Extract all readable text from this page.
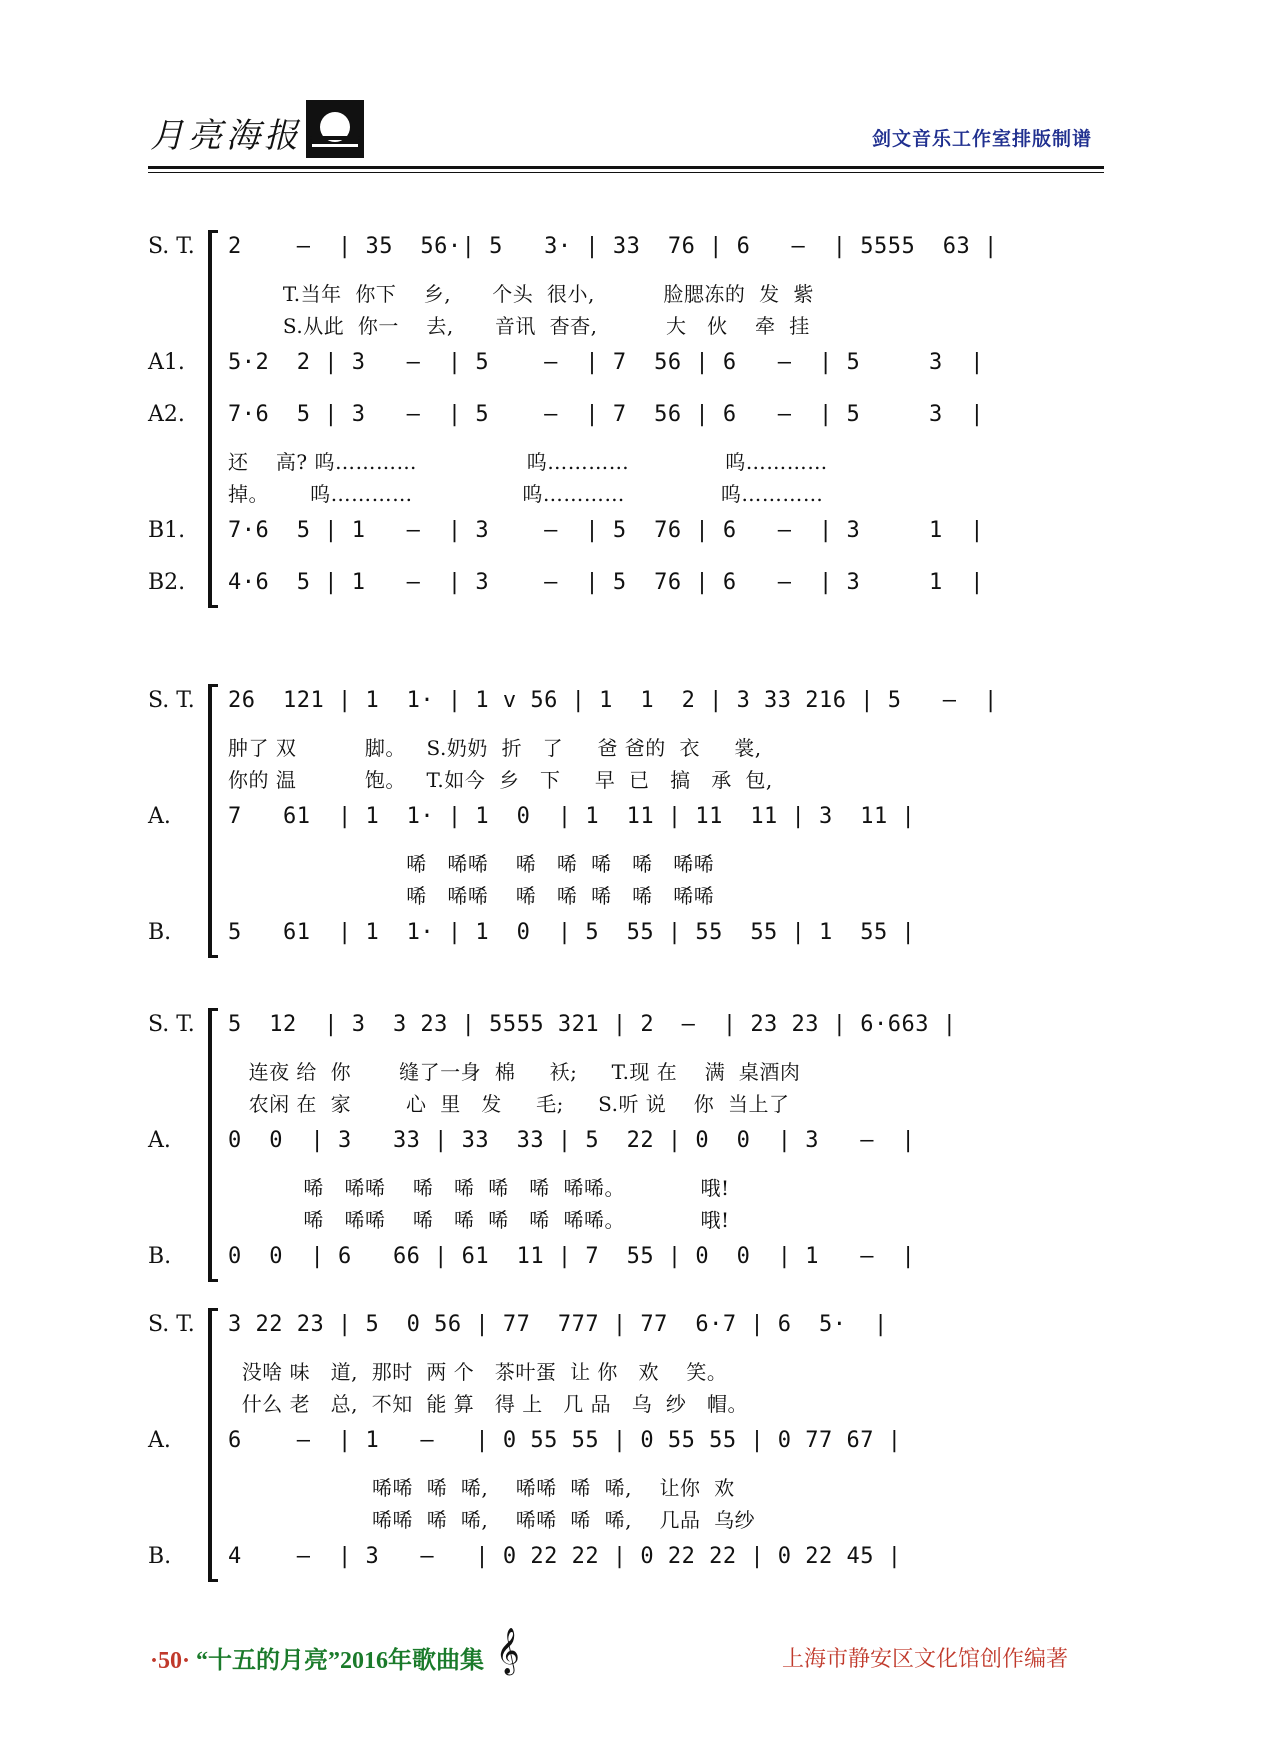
月亮海报	剑文音乐工作室排版制谱
S. T.	2    –  | 35  56·| 5   3· | 33  76 | 6   –  | 5555  63 |
T.当年  你下    乡,      个头  很小,          脸腮冻的  发  紫
S.从此  你一    去,      音讯  杳杳,          大   伙    牵  挂
A1.	5·2  2 | 3   –  | 5    –  | 7  56 | 6   –  | 5     3  |
A2.	7·6  5 | 3   –  | 5    –  | 7  56 | 6   –  | 5     3  |
还    高? 呜…………                呜…………              呜…………
掉。      呜…………                呜…………              呜…………
B1.	7·6  5 | 1   –  | 3    –  | 5  76 | 6   –  | 3     1  |
B2.	4·6  5 | 1   –  | 3    –  | 5  76 | 6   –  | 3     1  |
S. T.	26  121 | 1  1· | 1 v 56 | 1  1  2 | 3 33 216 | 5   –  |
肿了 双          脚。   S.奶奶  折   了     爸 爸的  衣     裳,
你的 温          饱。   T.如今  乡   下     早  已   搞   承  包,
A.	7   61  | 1  1· | 1  0  | 1  11 | 11  11 | 3  11 |
唏   唏唏    唏   唏  唏   唏   唏唏
唏   唏唏    唏   唏  唏   唏   唏唏
B.	5   61  | 1  1· | 1  0  | 5  55 | 55  55 | 1  55 |
S. T.	5  12  | 3  3 23 | 5555 321 | 2  –  | 23 23 | 6·663 |
连夜 给  你       缝了一身  棉     袄;     T.现 在    满  桌酒肉
农闲 在  家        心  里   发     毛;     S.听 说    你  当上了
A.	0  0  | 3   33 | 33  33 | 5  22 | 0  0  | 3   –  |
唏   唏唏    唏   唏  唏   唏  唏唏。           哦!
唏   唏唏    唏   唏  唏   唏  唏唏。           哦!
B.	0  0  | 6   66 | 61  11 | 7  55 | 0  0  | 1   –  |
S. T.	3 22 23 | 5  0 56 | 77  777 | 77  6·7 | 6  5·  |
没啥 味   道,  那时  两 个   茶叶蛋  让 你   欢    笑。
什么 老   总,  不知  能 算   得 上   几 品   乌  纱   帽。
A.	6    –  | 1   –   | 0 55 55 | 0 55 55 | 0 77 67 |
唏唏  唏  唏,    唏唏  唏  唏,    让你  欢
唏唏  唏  唏,    唏唏  唏  唏,    几品  乌纱
B.	4    –  | 3   –   | 0 22 22 | 0 22 22 | 0 22 45 |
·50· “十五的月亮”2016年歌曲集 𝄞	上海市静安区文化馆创作编著
